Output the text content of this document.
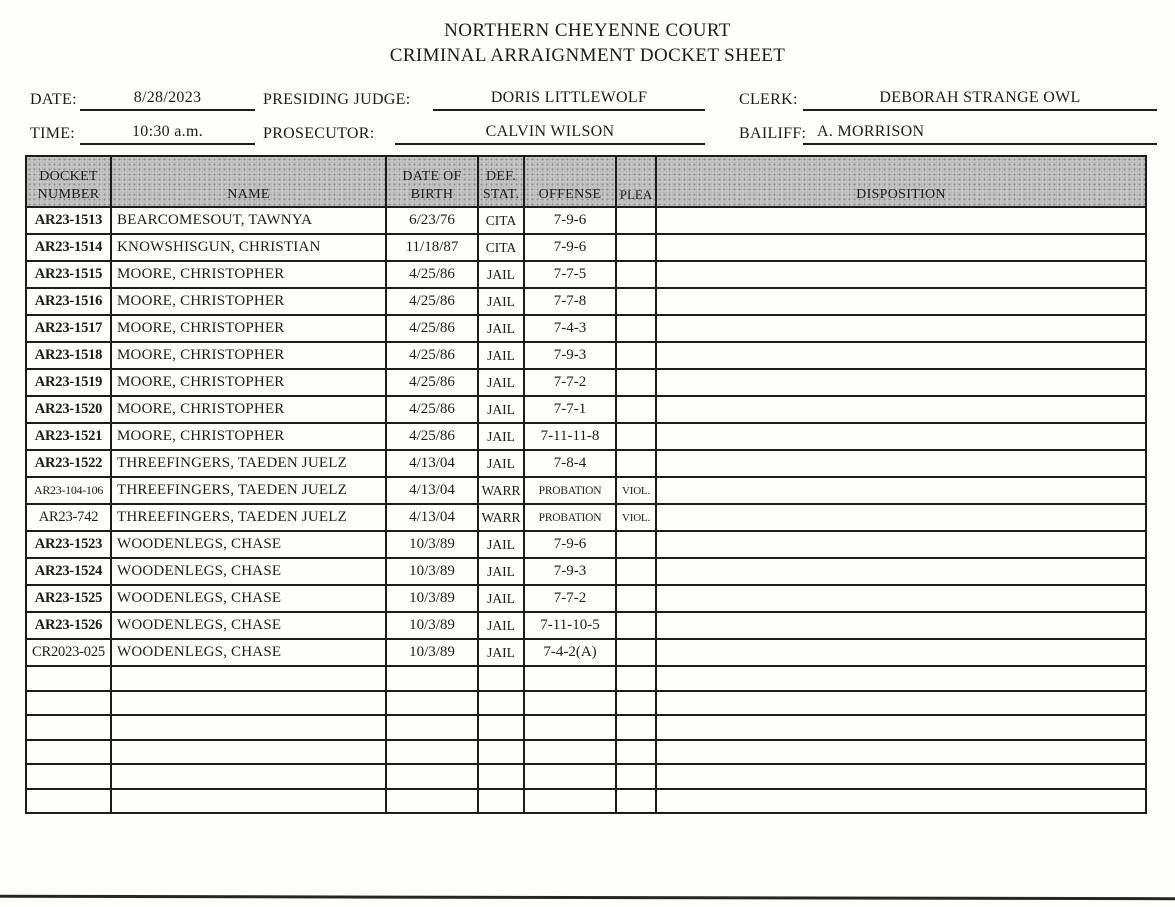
NORTHERN CHEYENNE COURT
CRIMINAL ARRAIGNMENT DOCKET SHEET
DATE:	8/28/2023	PRESIDING JUDGE:	DORIS LITTLEWOLF	CLERK:	DEBORAH STRANGE OWL
TIME:	10:30 a.m.	PROSECUTOR:	CALVIN WILSON	BAILIFF: A. MORRISON
DOCKET NUMBER	NAME	DATE OF BIRTH	DEF. STAT.	OFFENSE	PLEA	DISPOSITION
AR23-1513	BEARCOMESOUT, TAWNYA	6/23/76	CITA	7-9-6		
AR23-1514	KNOWSHISGUN, CHRISTIAN	11/18/87	CITA	7-9-6		
AR23-1515	MOORE, CHRISTOPHER	4/25/86	JAIL	7-7-5		
AR23-1516	MOORE, CHRISTOPHER	4/25/86	JAIL	7-7-8		
AR23-1517	MOORE, CHRISTOPHER	4/25/86	JAIL	7-4-3		
AR23-1518	MOORE, CHRISTOPHER	4/25/86	JAIL	7-9-3		
AR23-1519	MOORE, CHRISTOPHER	4/25/86	JAIL	7-7-2		
AR23-1520	MOORE, CHRISTOPHER	4/25/86	JAIL	7-7-1		
AR23-1521	MOORE, CHRISTOPHER	4/25/86	JAIL	7-11-11-8		
AR23-1522	THREEFINGERS, TAEDEN JUELZ	4/13/04	JAIL	7-8-4		
AR23-104-106	THREEFINGERS, TAEDEN JUELZ	4/13/04	WARR	PROBATION	VIOL.	
AR23-742	THREEFINGERS, TAEDEN JUELZ	4/13/04	WARR	PROBATION	VIOL.	
AR23-1523	WOODENLEGS, CHASE	10/3/89	JAIL	7-9-6		
AR23-1524	WOODENLEGS, CHASE	10/3/89	JAIL	7-9-3		
AR23-1525	WOODENLEGS, CHASE	10/3/89	JAIL	7-7-2		
AR23-1526	WOODENLEGS, CHASE	10/3/89	JAIL	7-11-10-5		
CR2023-025	WOODENLEGS, CHASE	10/3/89	JAIL	7-4-2(A)		
